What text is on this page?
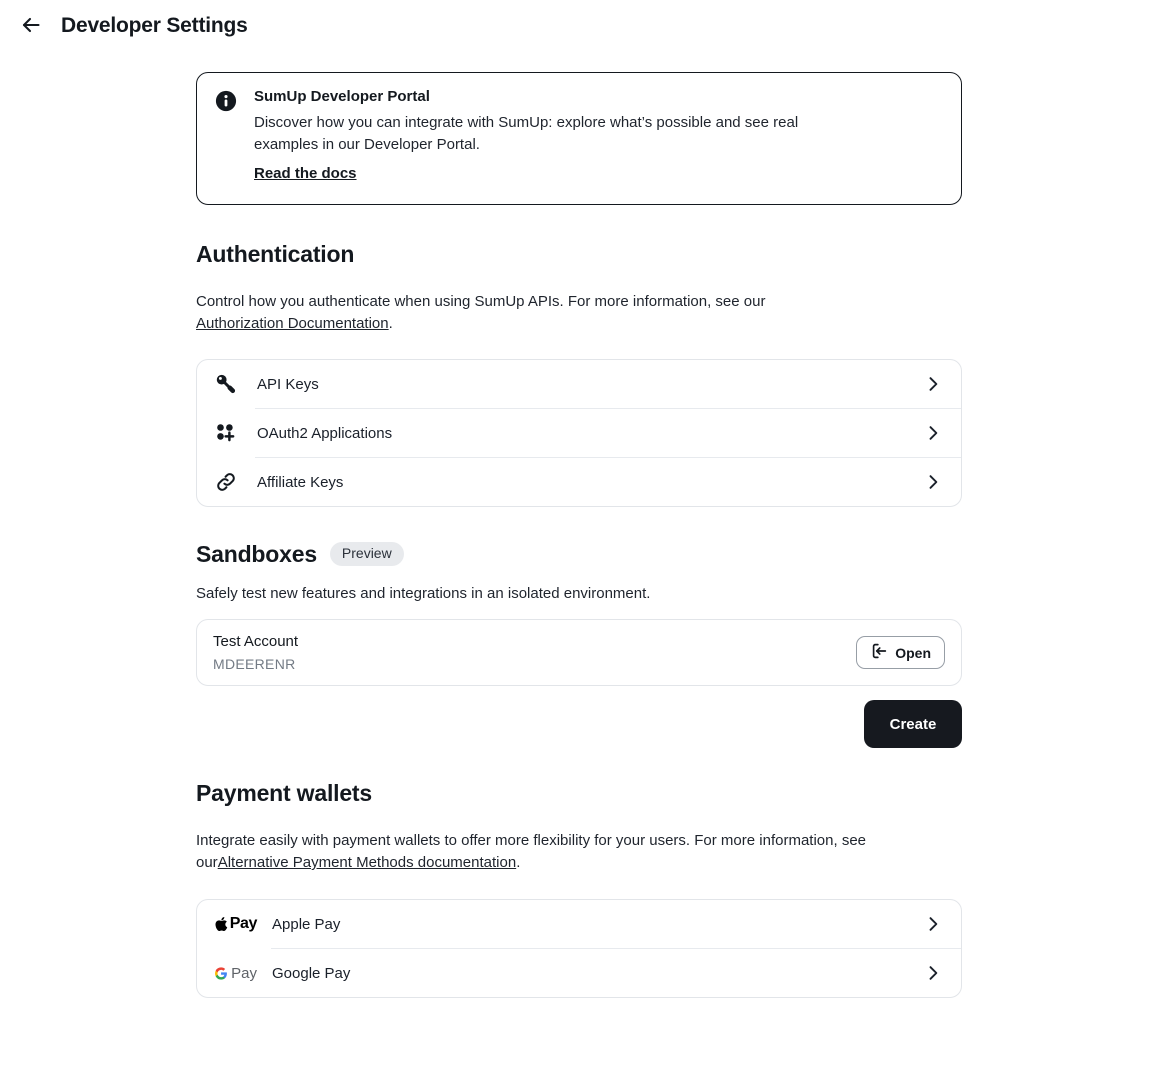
Developer Settings
SumUp Developer Portal
Discover how you can integrate with SumUp: explore what’s possible and see real examples in our Developer Portal.
Read the docs
Authentication

Control how you authenticate when using SumUp APIs. For more information, see our Authorization Documentation.

API Keys
OAuth2 Applications
Affiliate Keys
Sandboxes Preview

Safely test new features and integrations in an isolated environment.

Test Account
MDEERENR
Open
Create
Payment wallets

Integrate easily with payment wallets to offer more flexibility for your users. For more information, see ourAlternative Payment Methods documentation.

Pay Apple Pay
Pay Google Pay
